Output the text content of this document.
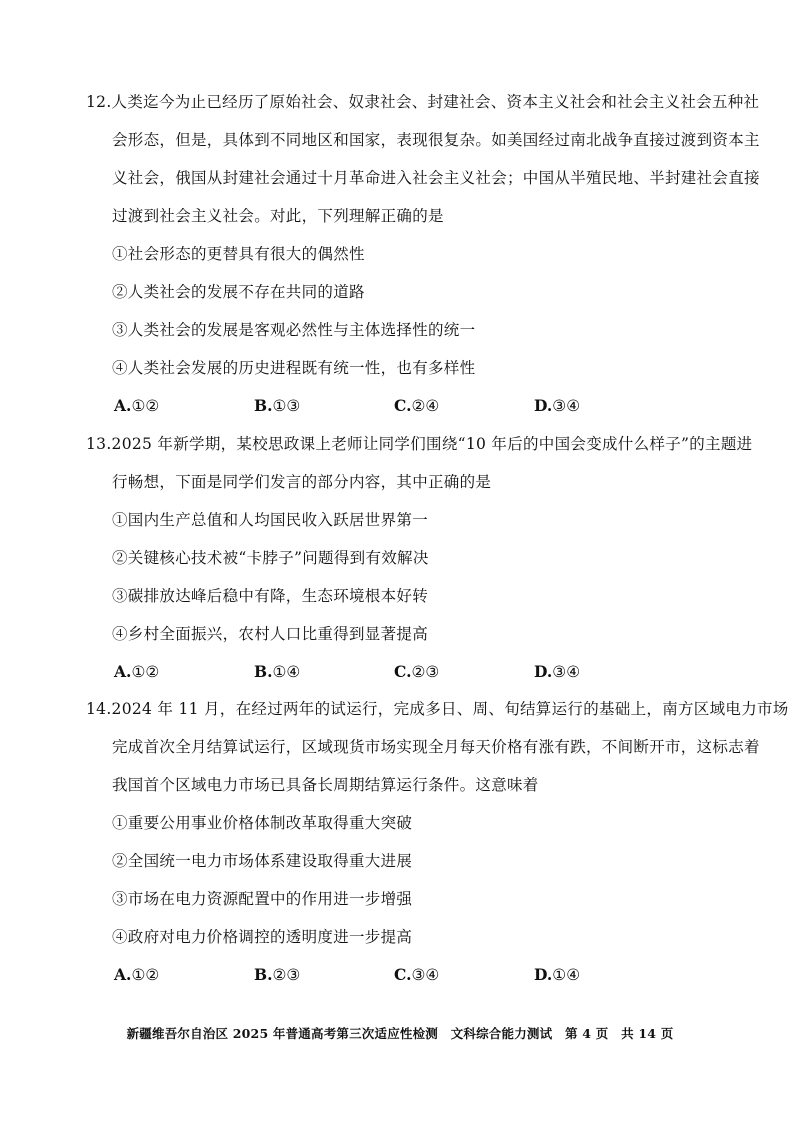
12.人类迄今为止已经历了原始社会、奴隶社会、封建社会、资本主义社会和社会主义社会五种社
会形态，但是，具体到不同地区和国家，表现很复杂。如美国经过南北战争直接过渡到资本主
义社会，俄国从封建社会通过十月革命进入社会主义社会；中国从半殖民地、半封建社会直接
过渡到社会主义社会。对此，下列理解正确的是
①社会形态的更替具有很大的偶然性
②人类社会的发展不存在共同的道路
③人类社会的发展是客观必然性与主体选择性的统一
④人类社会发展的历史进程既有统一性，也有多样性
A.①②	B.①③	C.②④	D.③④
13.2025 年新学期，某校思政课上老师让同学们围绕“10 年后的中国会变成什么样子”的主题进
行畅想，下面是同学们发言的部分内容，其中正确的是
①国内生产总值和人均国民收入跃居世界第一
②关键核心技术被“卡脖子”问题得到有效解决
③碳排放达峰后稳中有降，生态环境根本好转
④乡村全面振兴，农村人口比重得到显著提高
A.①②	B.①④	C.②③	D.③④
14.2024 年 11 月，在经过两年的试运行，完成多日、周、旬结算运行的基础上，南方区域电力市场
完成首次全月结算试运行，区域现货市场实现全月每天价格有涨有跌，不间断开市，这标志着
我国首个区域电力市场已具备长周期结算运行条件。这意味着
①重要公用事业价格体制改革取得重大突破
②全国统一电力市场体系建设取得重大进展
③市场在电力资源配置中的作用进一步增强
④政府对电力价格调控的透明度进一步提高
A.①②	B.②③	C.③④	D.①④
新疆维吾尔自治区 2025 年普通高考第三次适应性检测　文科综合能力测试　第 4 页　共 14 页
